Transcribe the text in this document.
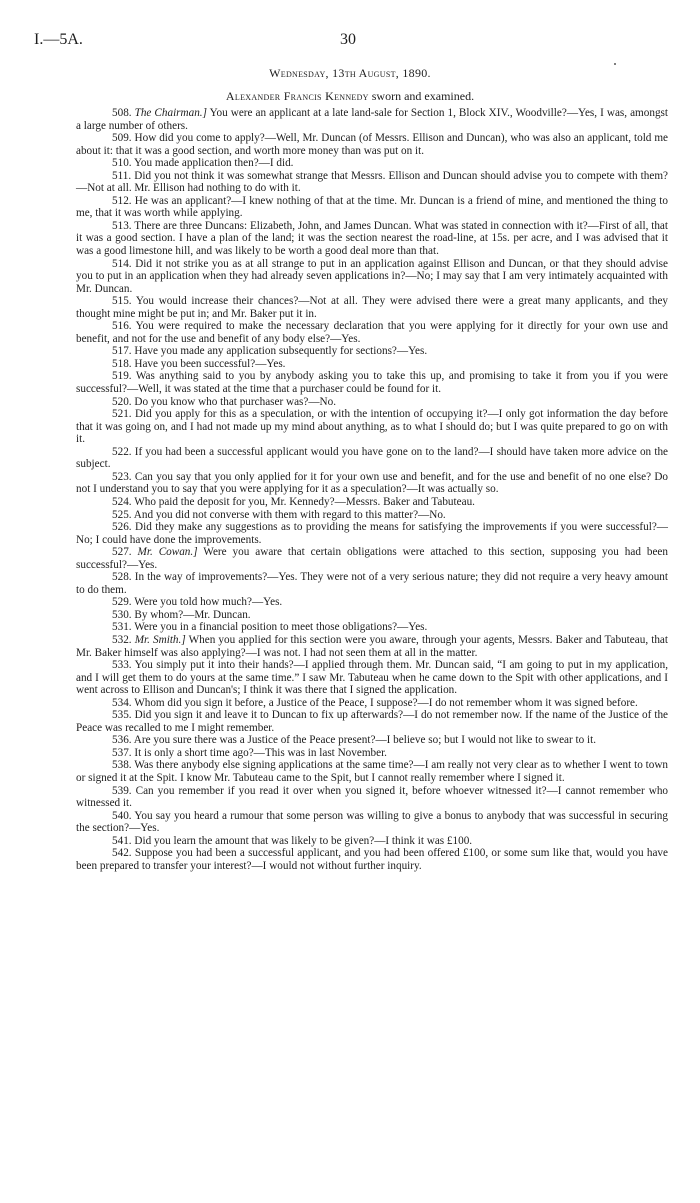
I.—5A.	30
Wednesday, 13th August, 1890.
Alexander Francis Kennedy sworn and examined.

508. The Chairman.] You were an applicant at a late land-sale for Section 1, Block XIV., Woodville?—Yes, I was, amongst a large number of others.

509. How did you come to apply?—Well, Mr. Duncan (of Messrs. Ellison and Duncan), who was also an applicant, told me about it: that it was a good section, and worth more money than was put on it.

510. You made application then?—I did.

511. Did you not think it was somewhat strange that Messrs. Ellison and Duncan should advise you to compete with them?—Not at all. Mr. Ellison had nothing to do with it.

512. He was an applicant?—I knew nothing of that at the time. Mr. Duncan is a friend of mine, and mentioned the thing to me, that it was worth while applying.

513. There are three Duncans: Elizabeth, John, and James Duncan. What was stated in connection with it?—First of all, that it was a good section. I have a plan of the land; it was the section nearest the road-line, at 15s. per acre, and I was advised that it was a good limestone hill, and was likely to be worth a good deal more than that.

514. Did it not strike you as at all strange to put in an application against Ellison and Duncan, or that they should advise you to put in an application when they had already seven applications in?—No; I may say that I am very intimately acquainted with Mr. Duncan.

515. You would increase their chances?—Not at all. They were advised there were a great many applicants, and they thought mine might be put in; and Mr. Baker put it in.

516. You were required to make the necessary declaration that you were applying for it directly for your own use and benefit, and not for the use and benefit of any body else?—Yes.

517. Have you made any application subsequently for sections?—Yes.

518. Have you been successful?—Yes.

519. Was anything said to you by anybody asking you to take this up, and promising to take it from you if you were successful?—Well, it was stated at the time that a purchaser could be found for it.

520. Do you know who that purchaser was?—No.

521. Did you apply for this as a speculation, or with the intention of occupying it?—I only got information the day before that it was going on, and I had not made up my mind about anything, as to what I should do; but I was quite prepared to go on with it.

522. If you had been a successful applicant would you have gone on to the land?—I should have taken more advice on the subject.

523. Can you say that you only applied for it for your own use and benefit, and for the use and benefit of no one else? Do not I understand you to say that you were applying for it as a speculation?—It was actually so.

524. Who paid the deposit for you, Mr. Kennedy?—Messrs. Baker and Tabuteau.

525. And you did not converse with them with regard to this matter?—No.

526. Did they make any suggestions as to providing the means for satisfying the improvements if you were successful?—No; I could have done the improvements.

527. Mr. Cowan.] Were you aware that certain obligations were attached to this section, supposing you had been successful?—Yes.

528. In the way of improvements?—Yes. They were not of a very serious nature; they did not require a very heavy amount to do them.

529. Were you told how much?—Yes.

530. By whom?—Mr. Duncan.

531. Were you in a financial position to meet those obligations?—Yes.

532. Mr. Smith.] When you applied for this section were you aware, through your agents, Messrs. Baker and Tabuteau, that Mr. Baker himself was also applying?—I was not. I had not seen them at all in the matter.

533. You simply put it into their hands?—I applied through them. Mr. Duncan said, “I am going to put in my application, and I will get them to do yours at the same time.” I saw Mr. Tabuteau when he came down to the Spit with other applications, and I went across to Ellison and Duncan's; I think it was there that I signed the application.

534. Whom did you sign it before, a Justice of the Peace, I suppose?—I do not remember whom it was signed before.

535. Did you sign it and leave it to Duncan to fix up afterwards?—I do not remember now. If the name of the Justice of the Peace was recalled to me I might remember.

536. Are you sure there was a Justice of the Peace present?—I believe so; but I would not like to swear to it.

537. It is only a short time ago?—This was in last November.

538. Was there anybody else signing applications at the same time?—I am really not very clear as to whether I went to town or signed it at the Spit. I know Mr. Tabuteau came to the Spit, but I cannot really remember where I signed it.

539. Can you remember if you read it over when you signed it, before whoever witnessed it?—I cannot remember who witnessed it.

540. You say you heard a rumour that some person was willing to give a bonus to anybody that was successful in securing the section?—Yes.

541. Did you learn the amount that was likely to be given?—I think it was £100.

542. Suppose you had been a successful applicant, and you had been offered £100, or some sum like that, would you have been prepared to transfer your interest?—I would not without further inquiry.
